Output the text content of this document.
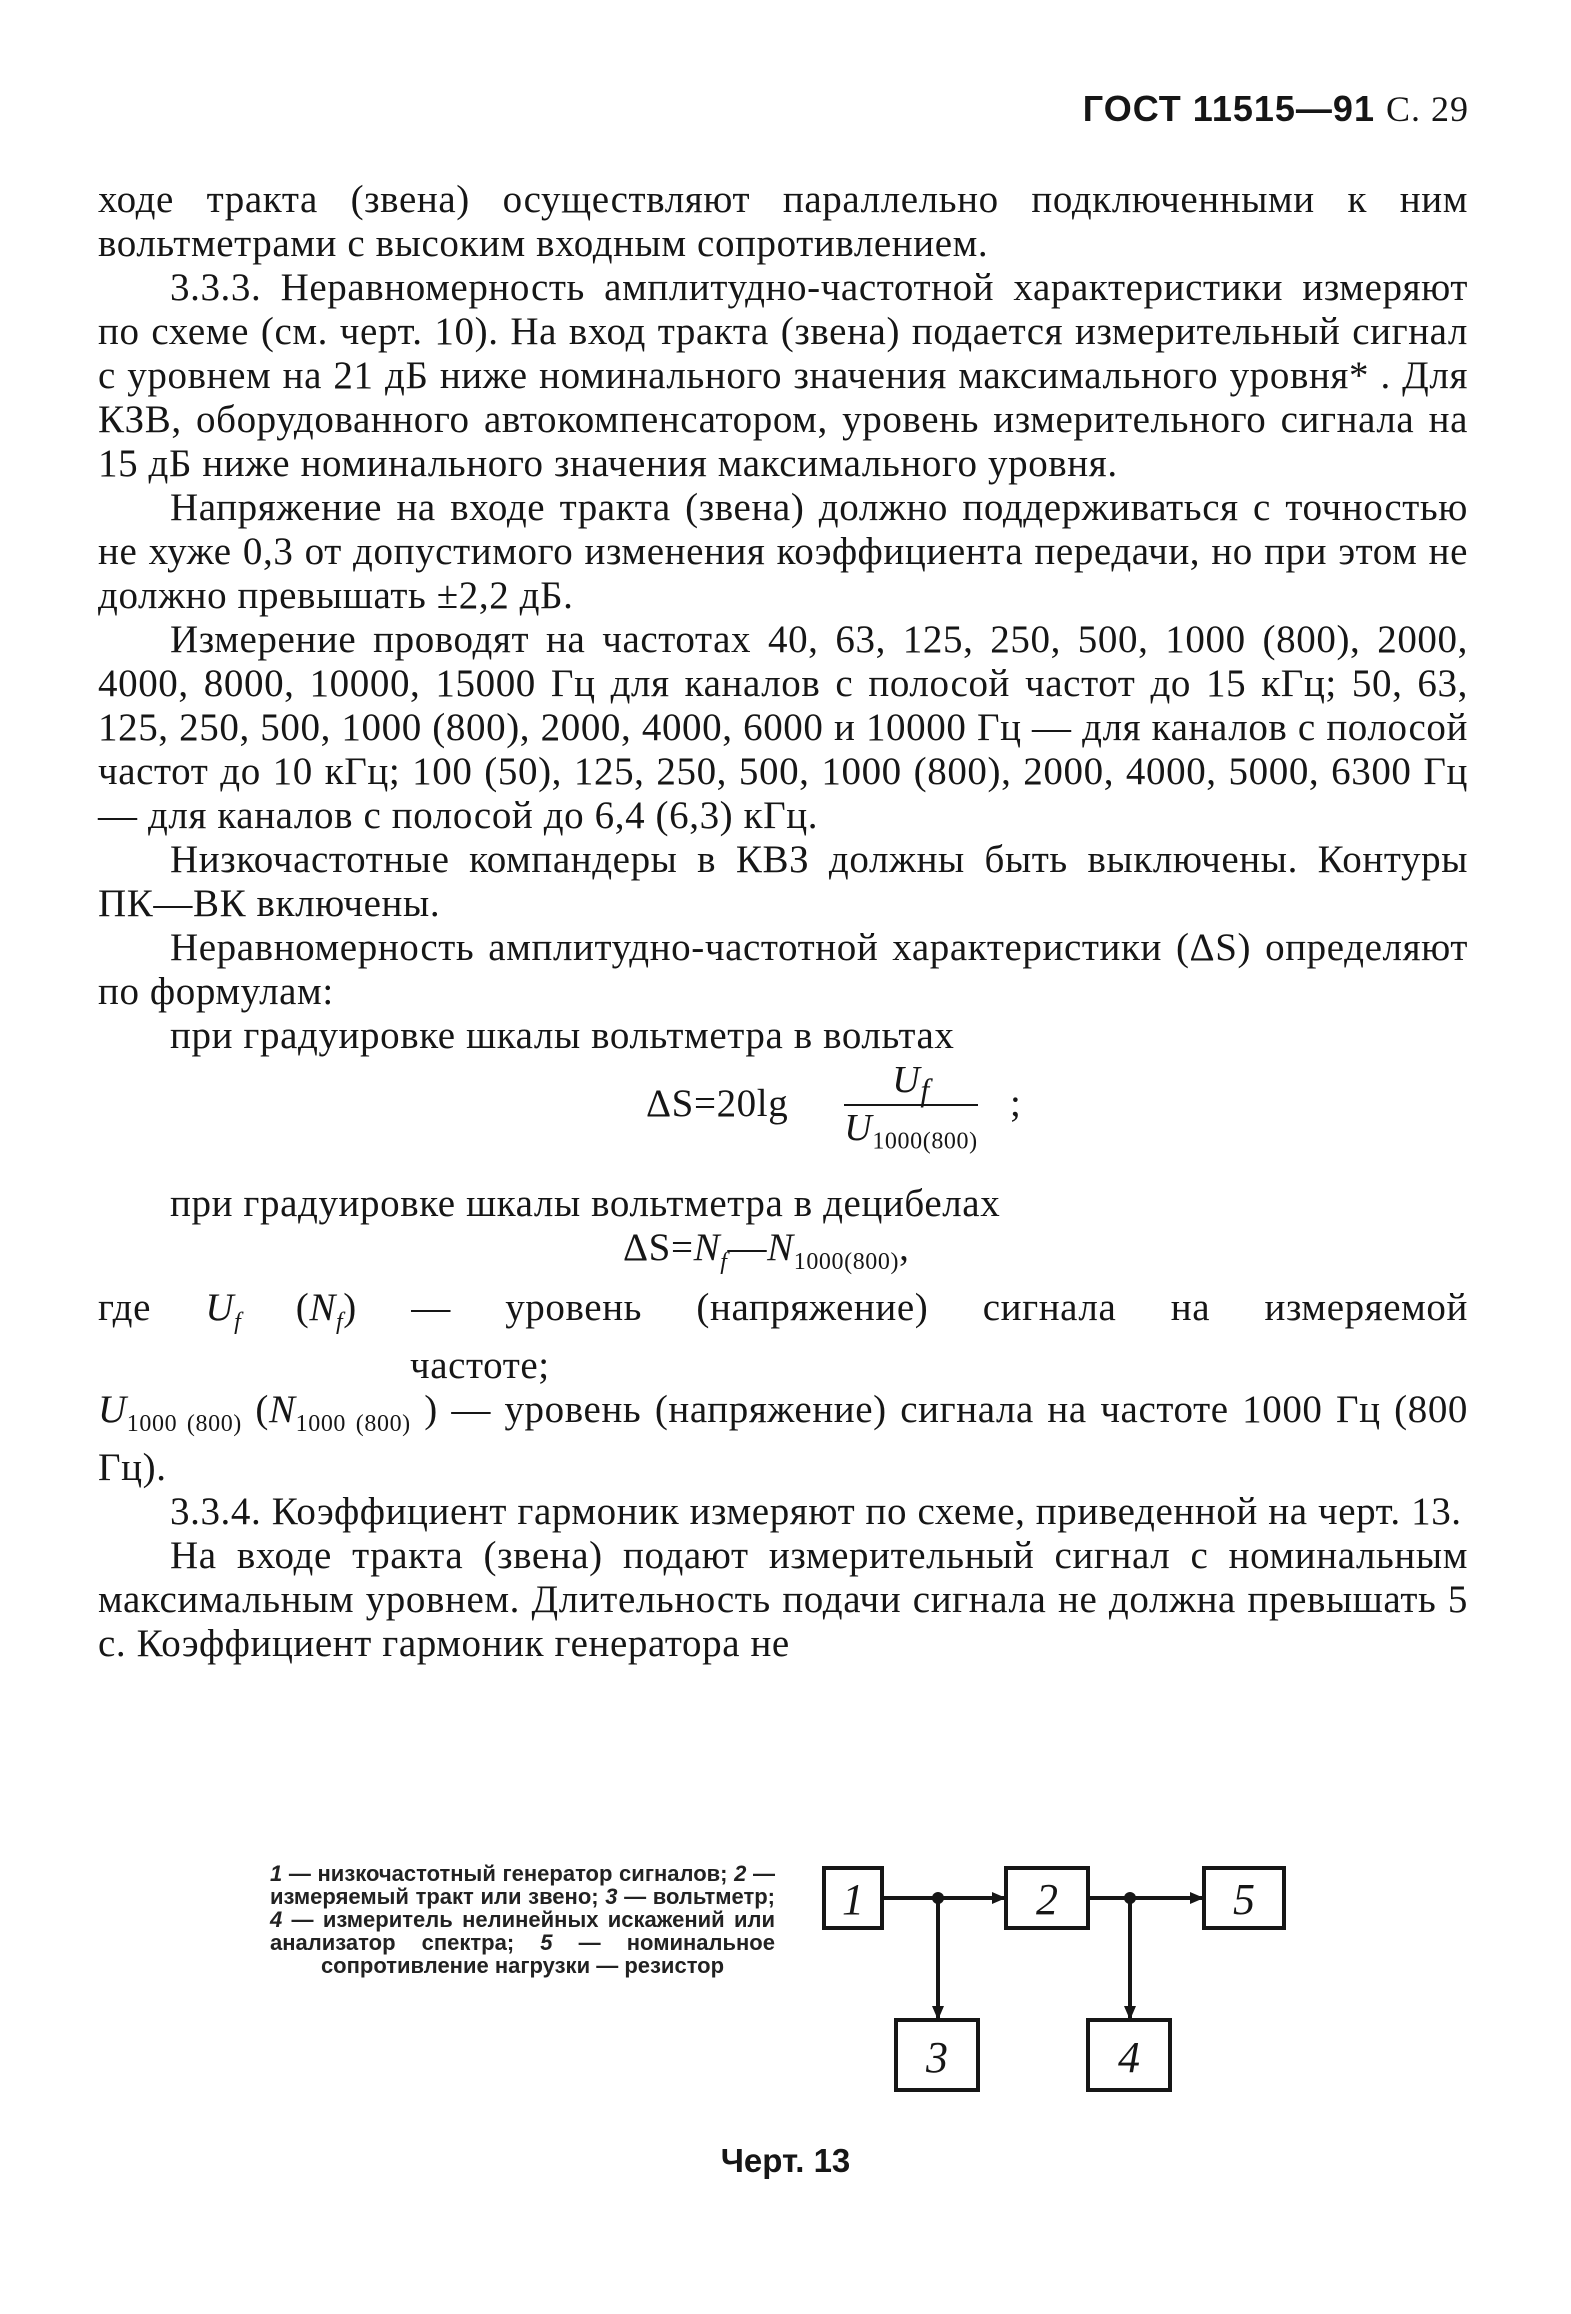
ГОСТ 11515—91 С. 29

ходе тракта (звена) осуществляют параллельно подключенными к ним вольтметрами с высоким входным сопротивлением.

3.3.3. Неравномерность амплитудно-частотной характеристики измеряют по схеме (см. черт. 10). На вход тракта (звена) подается измерительный сигнал с уровнем на 21 дБ ниже номинального значения максимального уровня* . Для КЗВ, оборудованного автокомпенсатором, уровень измерительного сигнала на 15 дБ ниже номинального значения максимального уровня.

Напряжение на входе тракта (звена) должно поддерживаться с точностью не хуже 0,3 от допустимого изменения коэффициента передачи, но при этом не должно превышать ±2,2 дБ.

Измерение проводят на частотах 40, 63, 125, 250, 500, 1000 (800), 2000, 4000, 8000, 10000, 15000 Гц для каналов с полосой частот до 15 кГц; 50, 63, 125, 250, 500, 1000 (800), 2000, 4000, 6000 и 10000 Гц — для каналов с полосой частот до 10 кГц; 100 (50), 125, 250, 500, 1000 (800), 2000, 4000, 5000, 6300 Гц — для каналов с полосой до 6,4 (6,3) кГц.

Низкочастотные компандеры в КВЗ должны быть выключены. Контуры ПК—ВК включены.

Неравномерность амплитудно-частотной характеристики (ΔS) определяют по формулам:

при градуировке шкалы вольтметра в вольтах

ΔS=20lg
$U_f$
$U_{1000(800)}$
;

при градуировке шкалы вольтметра в децибелах

$\Delta S=N_f—N_{1000(800)}$,

где $U_f$ $(N_f)$ — уровень (напряжение) сигнала на измеряемой

частоте;

$U_{1000 (800)}$ ($N_{1000 (800)}$ ) — уровень (напряжение) сигнала на частоте 1000 Гц (800 Гц).

3.3.4. Коэффициент гармоник измеряют по схеме, приведенной на черт. 13.

На входе тракта (звена) подают измерительный сигнал с номинальным максимальным уровнем. Длительность подачи сигнала не должна превышать 5 с. Коэффициент гармоник генератора не

1 — низкочастотный генератор сигналов; 2 — измеряемый тракт или звено; 3 — вольтметр; 4 — измеритель нелинейных искажений или анализатор спектра; 5 — номинальное сопротивление нагрузки — резистор
1	2	5
3	4
Черт. 13
